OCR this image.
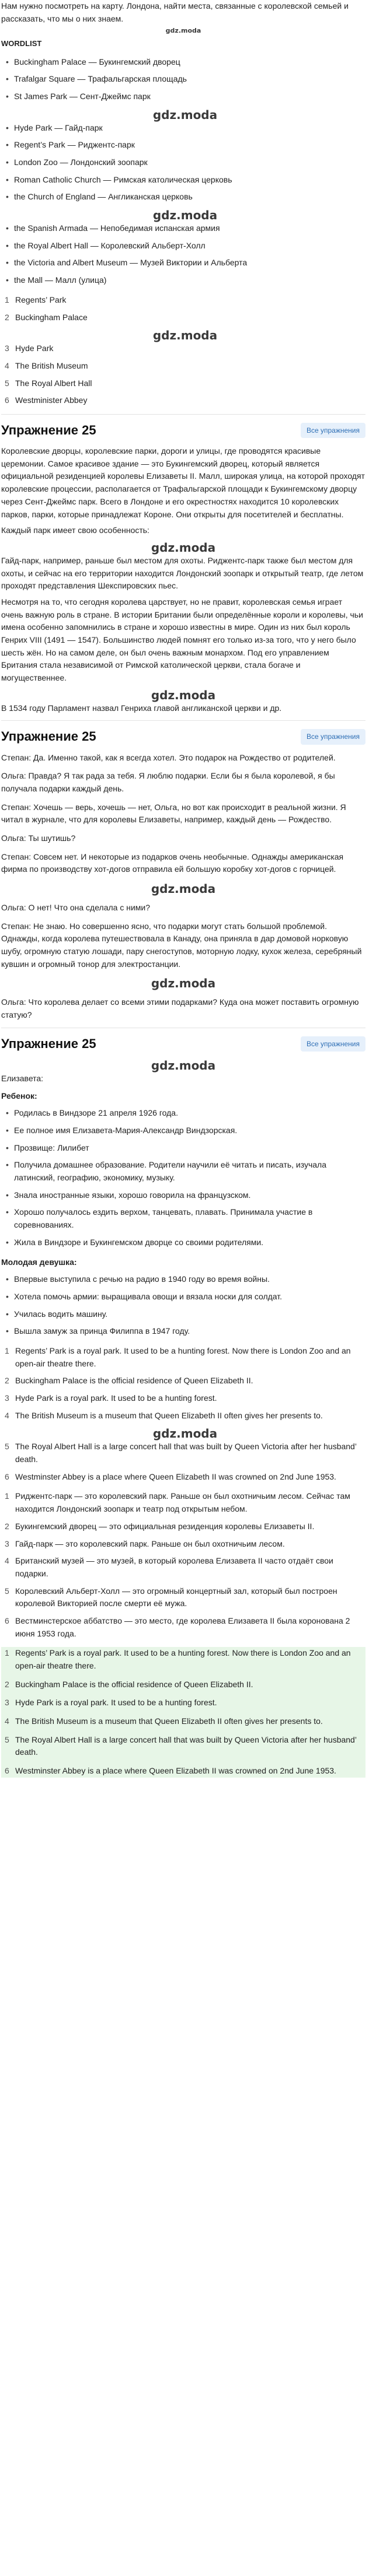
Нам нужно посмотреть на карту. Лондона, найти места, связанные с королевской семьей и рассказать, что мы о них знаем.

gdz.moda

WORDLIST
• Buckingham Palace — Букингемский дворец
• Trafalgar Square — Трафальгарская площадь
• St James Park — Сент-Джеймс парк

gdz.moda

• Hyde Park — Гайд-парк
• Regent’s Park — Риджентс-парк
• London Zoo — Лондонский зоопарк
• Roman Catholic Church — Римская католическая церковь
• the Church of England — Англиканская церковь

gdz.moda

• the Spanish Armada — Непобедимая испанская армия
• the Royal Albert Hall — Королевский Альберт-Холл
• the Victoria and Albert Museum — Музей Виктории и Альберта
• the Mall — Малл (улица)
1 Regents’ Park
2 Buckingham Palace

gdz.moda

3 Hyde Park
4 The British Museum
5 The Royal Albert Hall
6 Westminister Abbey
Упражнение 25	Все упражнения

Королевские дворцы, королевские парки, дороги и улицы, где проводятся красивые церемонии. Самое красивое здание — это Букингемский дворец, который является официальной резиденцией королевы Елизаветы II. Малл, широкая улица, на которой проходят королевские процессии, располагается от Трафальгарской площади к Букингемскому дворцу через Сент-Джеймс парк. Всего в Лондоне и его окрестностях находится 10 королевских парков, парки, которые принадлежат Короне. Они открыты для посетителей и бесплатны.

Каждый парк имеет свою особенность:

gdz.moda

Гайд-парк, например, раньше был местом для охоты. Риджентс-парк также был местом для охоты, и сейчас на его территории находится Лондонский зоопарк и открытый театр, где летом проходят представления Шекспировских пьес.

Несмотря на то, что сегодня королева царствует, но не правит, королевская семья играет очень важную роль в стране. В истории Британии были определённые короли и королевы, чьи имена особенно запомнились в стране и хорошо известны в мире. Один из них был король Генрих VIII (1491 — 1547). Большинство людей помнят его только из-за того, что у него было шесть жён. Но на самом деле, он был очень важным монархом. Под его управлением Британия стала независимой от Римской католической церкви, стала богаче и могущественнее.

gdz.moda

В 1534 году Парламент назвал Генриха главой англиканской церкви и др.

Упражнение 25	Все упражнения

Степан: Да. Именно такой, как я всегда хотел. Это подарок на Рождество от родителей.

Ольга: Правда? Я так рада за тебя. Я люблю подарки. Если бы я была королевой, я бы получала подарки каждый день.

Степан: Хочешь — верь, хочешь — нет, Ольга, но вот как происходит в реальной жизни. Я читал в журнале, что для королевы Елизаветы, например, каждый день — Рождество.

Ольга: Ты шутишь?

Степан: Совсем нет. И некоторые из подарков очень необычные. Однажды американская фирма по производству хот-догов отправила ей большую коробку хот-догов с горчицей.

gdz.moda

Ольга: О нет! Что она сделала с ними?

Степан: Не знаю. Но совершенно ясно, что подарки могут стать большой проблемой. Однажды, когда королева путешествовала в Канаду, она приняла в дар домовой норковую шубу, огромную статую лошади, пару снегоступов, моторную лодку, кухок железа, серебряный кувшин и огромный тонор для электростанции.

gdz.moda

Ольга: Что королева делает со всеми этими подарками? Куда она может поставить огромную статую?

Упражнение 25	Все упражнения

gdz.moda

Елизавета:
Ребенок:
• Родилась в Виндзоре 21 апреля 1926 года.
• Ее полное имя Елизавета-Мария-Александр Виндзорская.
• Прозвище: Лилибет
• Получила домашнее образование. Родители научили её читать и писать, изучала латинский, географию, экономику, музыку.
• Знала иностранные языки, хорошо говорила на французском.
• Хорошо получалось ездить верхом, танцевать, плавать. Принимала участие в соревнованиях.
• Жила в Виндзоре и Букингемском дворце со своими родителями.
Молодая девушка:
• Впервые выступила с речью на радио в 1940 году во время войны.
• Хотела помочь армии: выращивала овощи и вязала носки для солдат.
• Училась водить машину.
• Вышла замуж за принца Филиппа в 1947 году.
1 Regents’ Park is a royal park. It used to be a hunting forest. Now there is London Zoo and an open-air theatre there.
2 Buckingham Palace is the official residence of Queen Elizabeth II.
3 Hyde Park is a royal park. It used to be a hunting forest.
4 The British Museum is a museum that Queen Elizabeth II often gives her presents to.

gdz.moda

5 The Royal Albert Hall is a large concert hall that was built by Queen Victoria after her husband’ death.
6 Westminster Abbey is a place where Queen Elizabeth II was crowned on 2nd June 1953.
1 Риджентс-парк — это королевский парк. Раньше он был охотничьим лесом. Сейчас там находится Лондонский зоопарк и театр под открытым небом.
2 Букингемский дворец — это официальная резиденция королевы Елизаветы II.
3 Гайд-парк — это королевский парк. Раньше он был охотничьим лесом.
4 Британский музей — это музей, в который королева Елизавета II часто отдаёт свои подарки.
5 Королевский Альберт-Холл — это огромный концертный зал, который был построен королевой Викторией после смерти её мужа.
6 Вестминстерское аббатство — это место, где королева Елизавета II была коронована 2 июня 1953 года.
1 Regents’ Park is a royal park. It used to be a hunting forest. Now there is London Zoo and an open-air theatre there.
2 Buckingham Palace is the official residence of Queen Elizabeth II.
3 Hyde Park is a royal park. It used to be a hunting forest.
4 The British Museum is a museum that Queen Elizabeth II often gives her presents to.
5 The Royal Albert Hall is a large concert hall that was built by Queen Victoria after her husband’ death.
6 Westminster Abbey is a place where Queen Elizabeth II was crowned on 2nd June 1953.
